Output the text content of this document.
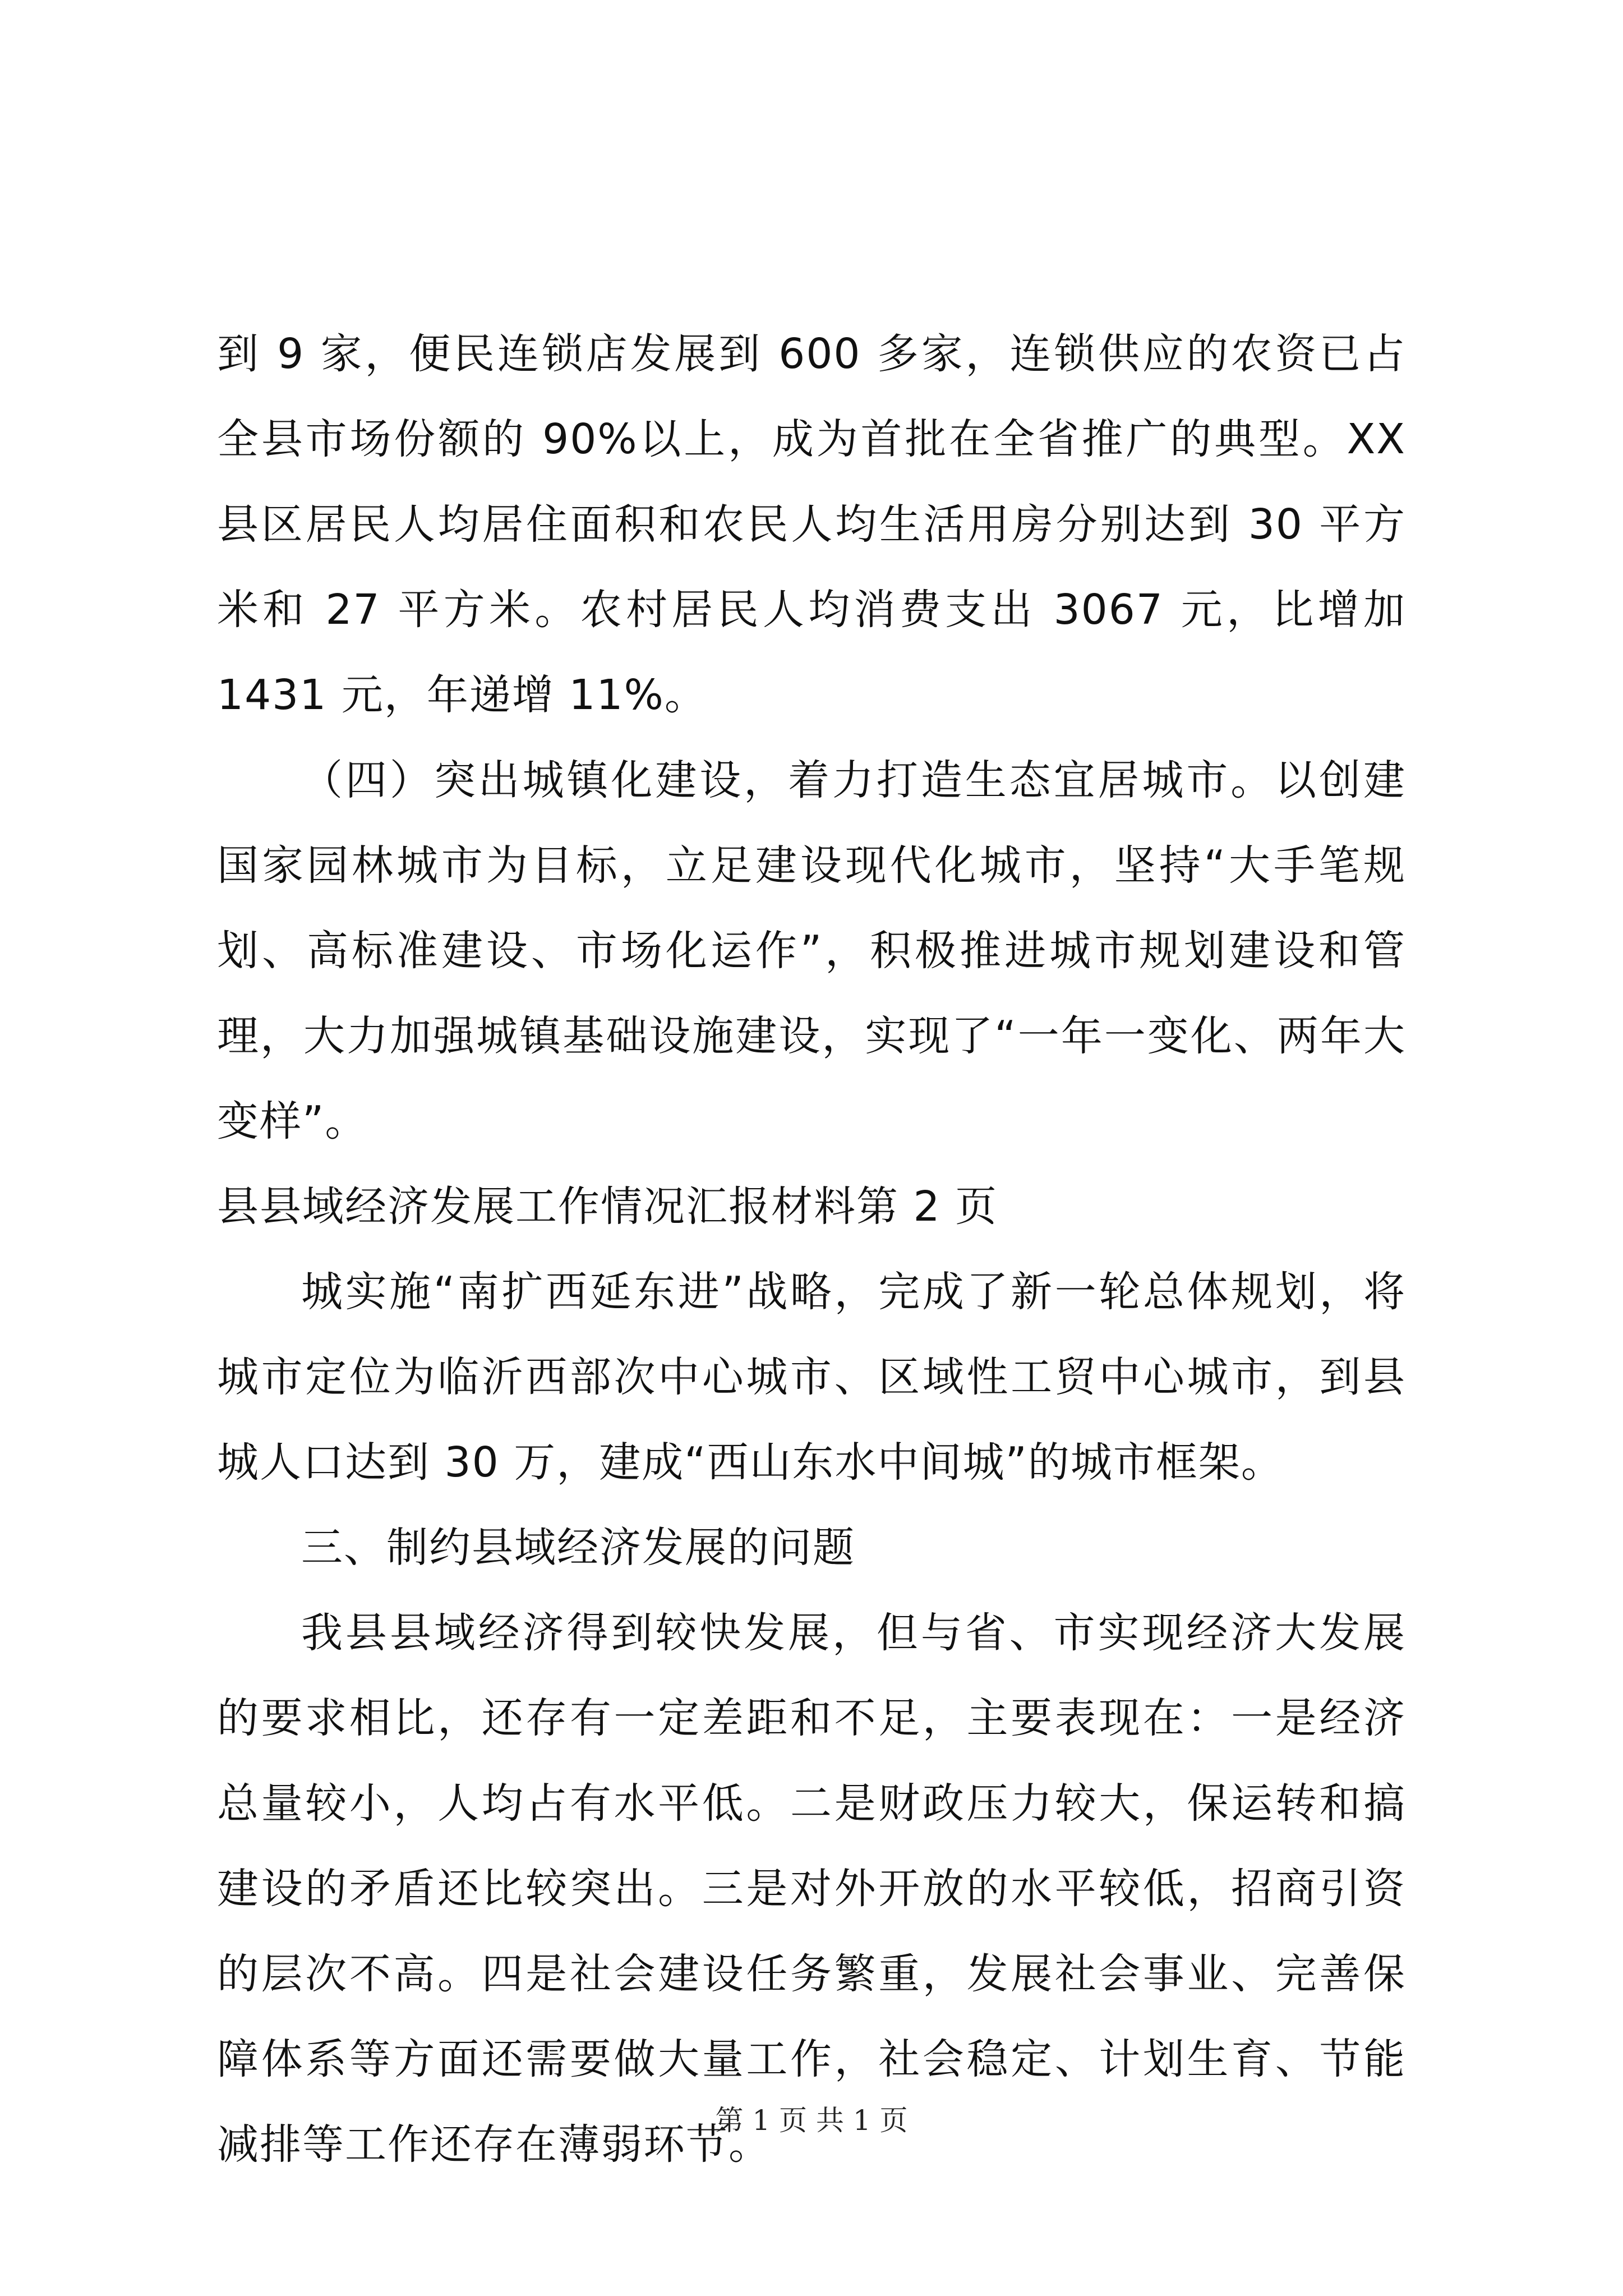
到 9 家，便民连锁店发展到 600 多家，连锁供应的农资已占全县市场份额的 90%以上，成为首批在全省推广的典型。XX 县区居民人均居住面积和农民人均生活用房分别达到 30 平方米和 27 平方米。农村居民人均消费支出 3067 元，比增加 1431 元，年递增 11%。

（四）突出城镇化建设，着力打造生态宜居城市。以创建国家园林城市为目标，立足建设现代化城市，坚持“大手笔规划、高标准建设、市场化运作”，积极推进城市规划建设和管理，大力加强城镇基础设施建设，实现了“一年一变化、两年大变样”。

县县域经济发展工作情况汇报材料第 2 页

城实施“南扩西延东进”战略，完成了新一轮总体规划，将城市定位为临沂西部次中心城市、区域性工贸中心城市，到县城人口达到 30 万，建成“西山东水中间城”的城市框架。

三、制约县域经济发展的问题

我县县域经济得到较快发展，但与省、市实现经济大发展的要求相比，还存有一定差距和不足，主要表现在：一是经济总量较小，人均占有水平低。二是财政压力较大，保运转和搞建设的矛盾还比较突出。三是对外开放的水平较低，招商引资的层次不高。四是社会建设任务繁重，发展社会事业、完善保障体系等方面还需要做大量工作，社会稳定、计划生育、节能减排等工作还存在薄弱环节。

第 1 页 共 1 页
